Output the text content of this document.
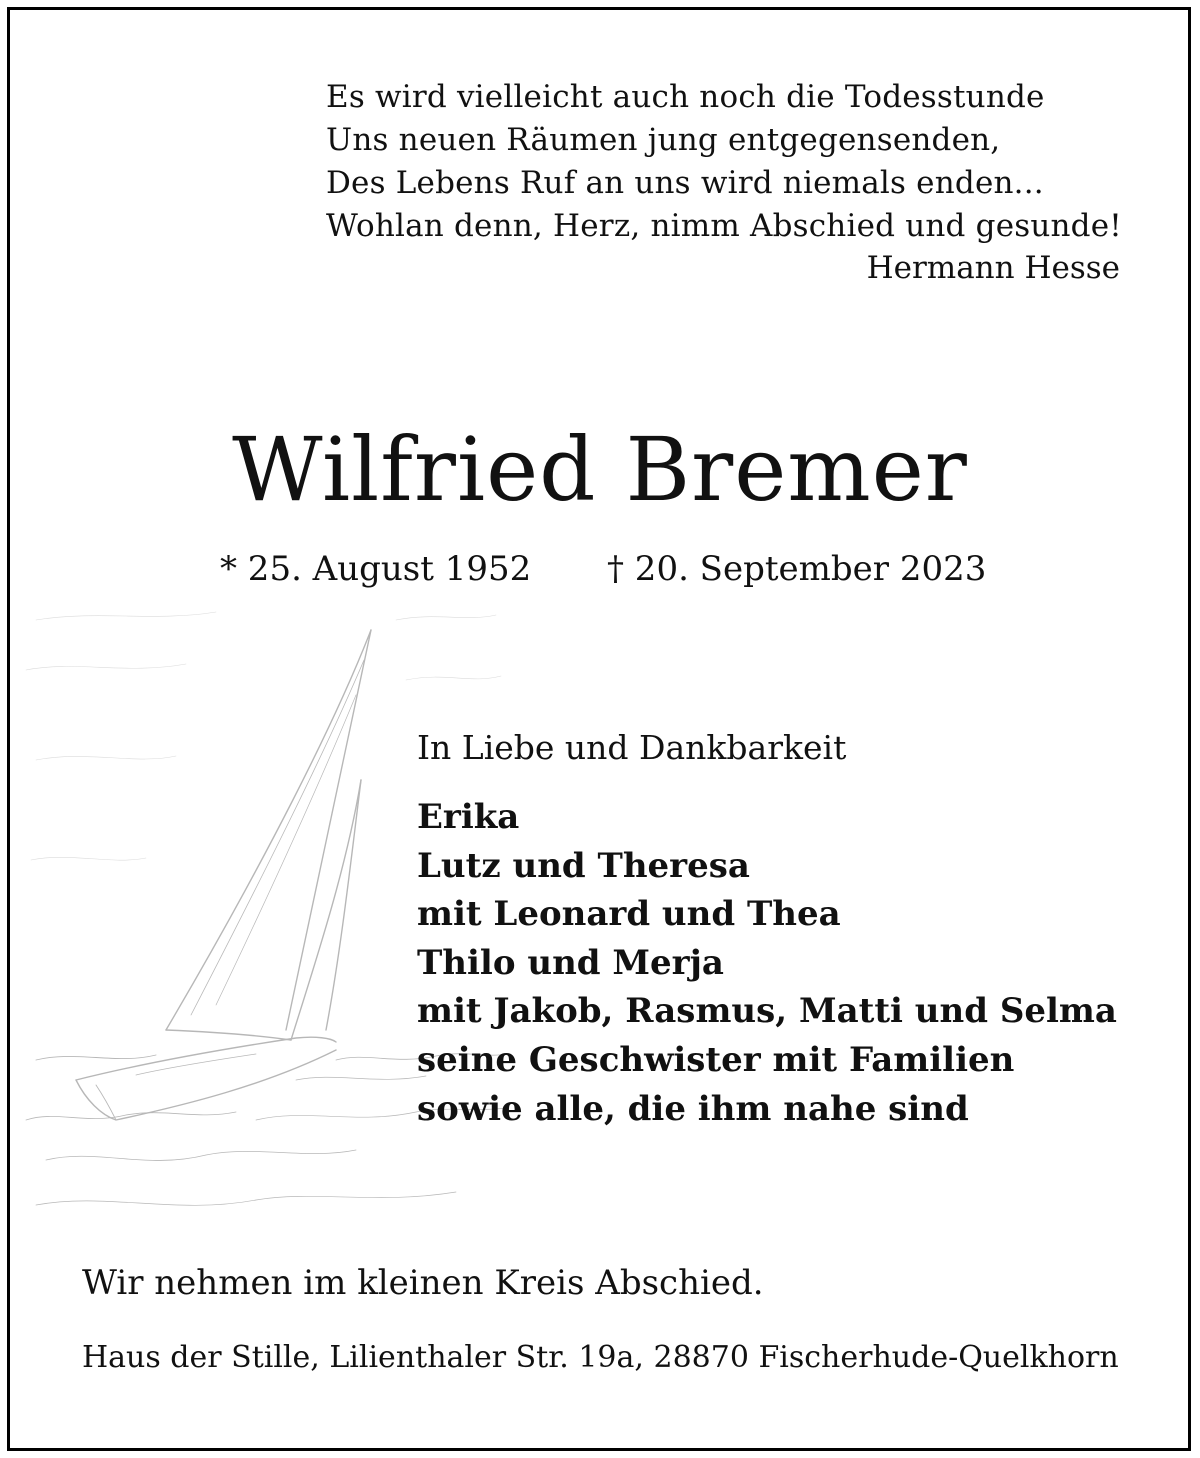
Es wird vielleicht auch noch die Todesstunde
Uns neuen Räumen jung entgegensenden,
Des Lebens Ruf an uns wird niemals enden...
Wohlan denn, Herz, nimm Abschied und gesunde!
Hermann Hesse
Wilfried Bremer
* 25. August 1952 † 20. September 2023
In Liebe und Dankbarkeit
Erika
Lutz und Theresa
mit Leonard und Thea
Thilo und Merja
mit Jakob, Rasmus, Matti und Selma
seine Geschwister mit Familien
sowie alle, die ihm nahe sind
Wir nehmen im kleinen Kreis Abschied.
Haus der Stille, Lilienthaler Str. 19a, 28870 Fischerhude-Quelkhorn
